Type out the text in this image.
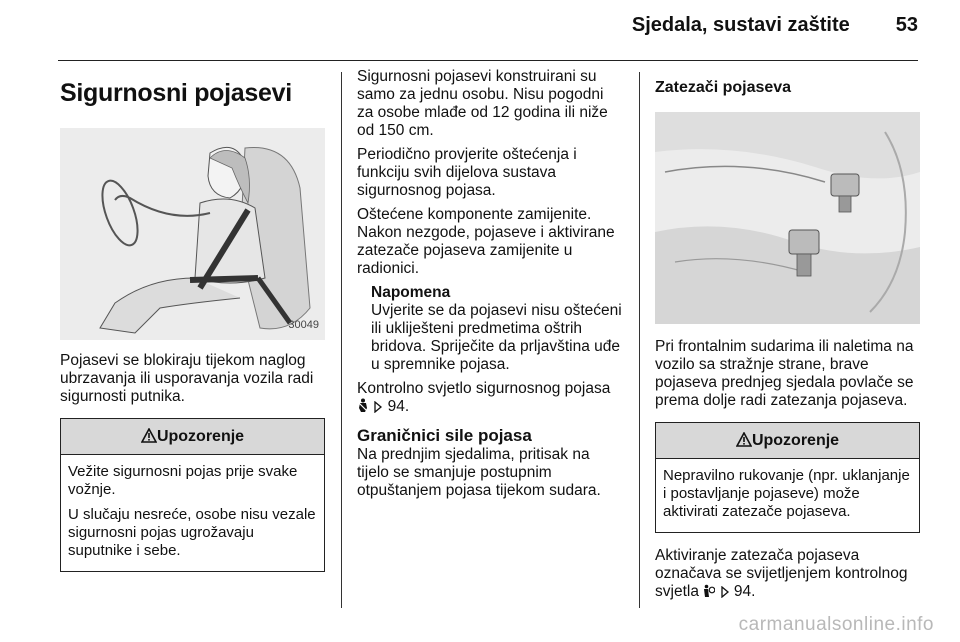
Sjedala, sustavi zaštite 53
Sigurnosni pojasevi
30049

Pojasevi se blokiraju tijekom naglog ubrzavanja ili usporavanja vozila radi sigurnosti putnika.

Upozorenje

Vežite sigurnosni pojas prije svake vožnje.

U slučaju nesreće, osobe nisu vezale sigurnosni pojas ugrožavaju suputnike i sebe.

Sigurnosni pojasevi konstruirani su samo za jednu osobu. Nisu pogodni za osobe mlađe od 12 godina ili niže od 150 cm.

Periodično provjerite oštećenja i funkciju svih dijelova sustava sigurnosnog pojasa.

Oštećene komponente zamijenite. Nakon nezgode, pojaseve i aktivirane zatezače pojaseva zamijenite u radionici.

Napomena
Uvjerite se da pojasevi nisu oštećeni ili ukliješteni predmetima oštrih bridova. Spriječite da prljavština uđe u spremnike pojasa.

Kontrolno svjetlo sigurnosnog pojasa
94.

Graničnici sile pojasa

Na prednjim sjedalima, pritisak na tijelo se smanjuje postupnim otpuštanjem pojasa tijekom sudara.

Zatezači pojaseva

Pri frontalnim sudarima ili naletima na vozilo sa stražnje strane, brave pojaseva prednjeg sjedala povlače se prema dolje radi zatezanja pojaseva.

Upozorenje

Nepravilno rukovanje (npr. uklanjanje i postavljanje pojaseve) može aktivirati zatezače pojaseva.

Aktiviranje zatezača pojaseva označava se svijetljenjem kontrolnog svjetla 94.

carmanualsonline.info
